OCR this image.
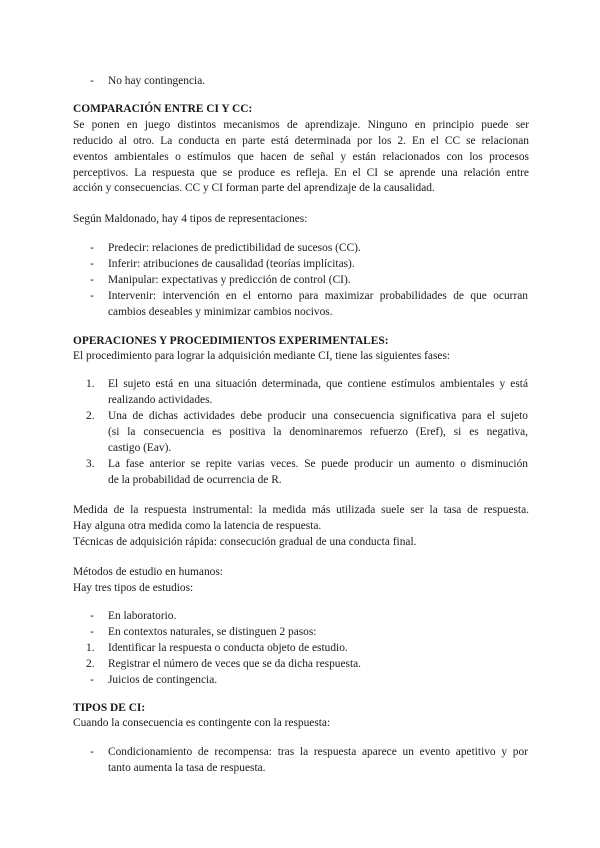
- No hay contingencia.
COMPARACIÓN ENTRE CI Y CC:
Se ponen en juego distintos mecanismos de aprendizaje. Ninguno en principio puede ser
reducido al otro. La conducta en parte está determinada por los 2. En el CC se relacionan
eventos ambientales o estímulos que hacen de señal y están relacionados con los procesos
perceptivos. La respuesta que se produce es refleja. En el CI se aprende una relación entre
acción y consecuencias. CC y CI forman parte del aprendizaje de la causalidad.
Según Maldonado, hay 4 tipos de representaciones:
- Predecir: relaciones de predictibilidad de sucesos (CC).
- Inferir: atribuciones de causalidad (teorías implícitas).
- Manipular: expectativas y predicción de control (CI).
- Intervenir: intervención en el entorno para maximizar probabilidades de que ocurran
cambios deseables y minimizar cambios nocivos.
OPERACIONES Y PROCEDIMIENTOS EXPERIMENTALES:
El procedimiento para lograr la adquisición mediante CI, tiene las siguientes fases:
1. El sujeto está en una situación determinada, que contiene estímulos ambientales y está
realizando actividades.
2. Una de dichas actividades debe producir una consecuencia significativa para el sujeto
(si la consecuencia es positiva la denominaremos refuerzo (Eref), si es negativa,
castigo (Eav).
3. La fase anterior se repite varias veces. Se puede producir un aumento o disminución
de la probabilidad de ocurrencia de R.
Medida de la respuesta instrumental: la medida más utilizada suele ser la tasa de respuesta.
Hay alguna otra medida como la latencia de respuesta.
Técnicas de adquisición rápida: consecución gradual de una conducta final.
Métodos de estudio en humanos:
Hay tres tipos de estudios:
- En laboratorio.
- En contextos naturales, se distinguen 2 pasos:
1. Identificar la respuesta o conducta objeto de estudio.
2. Registrar el número de veces que se da dicha respuesta.
- Juicios de contingencia.
TIPOS DE CI:
Cuando la consecuencia es contingente con la respuesta:
- Condicionamiento de recompensa: tras la respuesta aparece un evento apetitivo y por
tanto aumenta la tasa de respuesta.
